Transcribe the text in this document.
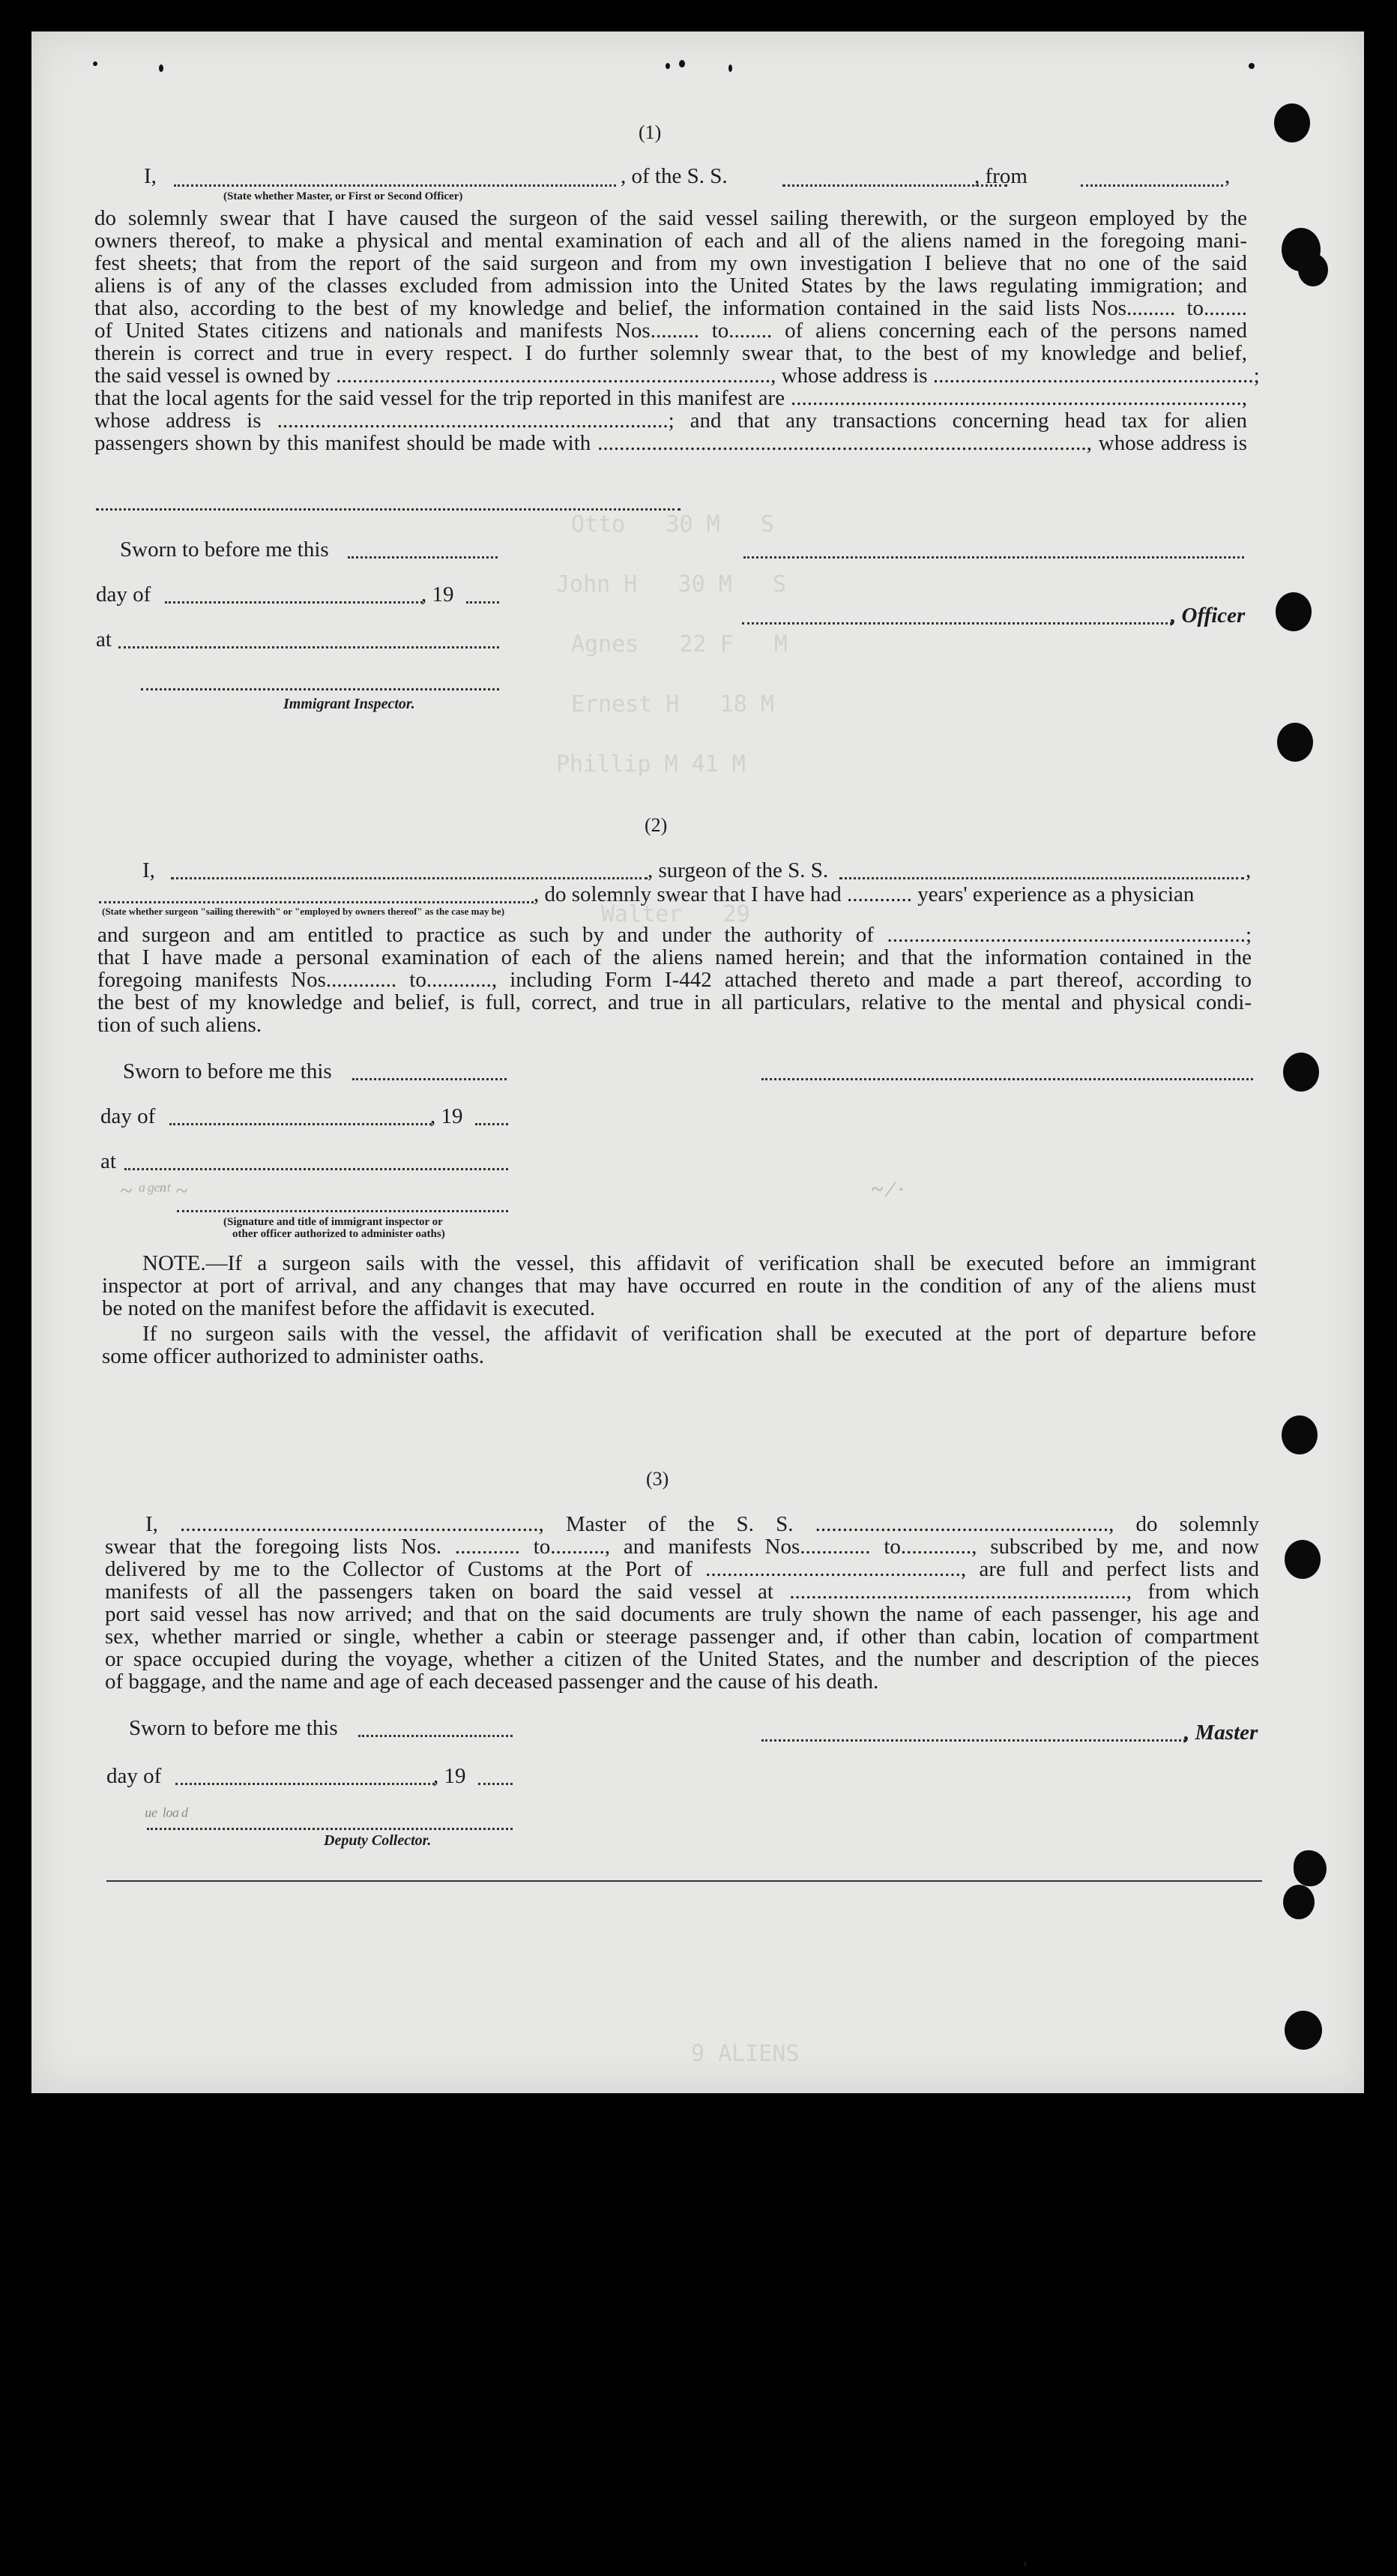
Otto   30 M   S
John H   30 M   S
Agnes   22 F   M
Ernest H   18 M
Phillip M 41 M
Walter   29
9 ALIENS
(1)
I,
(State whether Master, or First or Second Officer)
, of the S. S.	, from	,
do solemnly swear that I have caused the surgeon of the said vessel sailing therewith, or the surgeon employed by the
owners thereof, to make a physical and mental examination of each and all of the aliens named in the foregoing mani-
fest sheets; that from the report of the said surgeon and from my own investigation I believe that no one of the said
aliens is of any of the classes excluded from admission into the United States by the laws regulating immigration; and
that also, according to the best of my knowledge and belief, the information contained in the said lists Nos......... to........
of United States citizens and nationals and manifests Nos......... to........ of aliens concerning each of the persons named
therein is correct and true in every respect. I do further solemnly swear that, to the best of my knowledge and belief,
the said vessel is owned by ................................................................................, whose address is ...........................................................;
that the local agents for the said vessel for the trip reported in this manifest are ...................................................................................,
whose address is ........................................................................; and that any transactions concerning head tax for alien
passengers shown by this manifest should be made with .........................................................................................., whose address is
Sworn to before me this
day of	, 19
, Officer
at
Immigrant Inspector.
(2)
I,	, surgeon of the S. S.	,
, do solemnly swear that I have had ............ years' experience as a physician
(State whether surgeon "sailing therewith" or "employed by owners thereof" as the case may be)
and surgeon and am entitled to practice as such by and under the authority of ..................................................................;
that I have made a personal examination of each of the aliens named herein; and that the information contained in the
foregoing manifests Nos............. to............, including Form I-442 attached thereto and made a part thereof, according to
the best of my knowledge and belief, is full, correct, and true in all particulars, relative to the mental and physical condi-
tion of such aliens.
Sworn to before me this
day of	, 19
at
~ ᵃᵍᵉⁿᵗ ~	~ ⁄ ·
(Signature and title of immigrant inspector or
other officer authorized to administer oaths)
NOTE.—If a surgeon sails with the vessel, this affidavit of verification shall be executed before an immigrant
inspector at port of arrival, and any changes that may have occurred en route in the condition of any of the aliens must
be noted on the manifest before the affidavit is executed.
If no surgeon sails with the vessel, the affidavit of verification shall be executed at the port of departure before
some officer authorized to administer oaths.
(3)
I, .................................................................., Master of the S. S. ......................................................, do solemnly
swear that the foregoing lists Nos. ............ to.........., and manifests Nos............. to............., subscribed by me, and now
delivered by me to the Collector of Customs at the Port of ..............................................., are full and perfect lists and
manifests of all the passengers taken on board the said vessel at .............................................................., from which
port said vessel has now arrived; and that on the said documents are truly shown the name of each passenger, his age and
sex, whether married or single, whether a cabin or steerage passenger and, if other than cabin, location of compartment
or space occupied during the voyage, whether a citizen of the United States, and the number and description of the pieces
of baggage, and the name and age of each deceased passenger and the cause of his death.
Sworn to before me this	, Master
day of	, 19
ᵘᵉ ˡᵒᵃᵈ
Deputy Collector.
